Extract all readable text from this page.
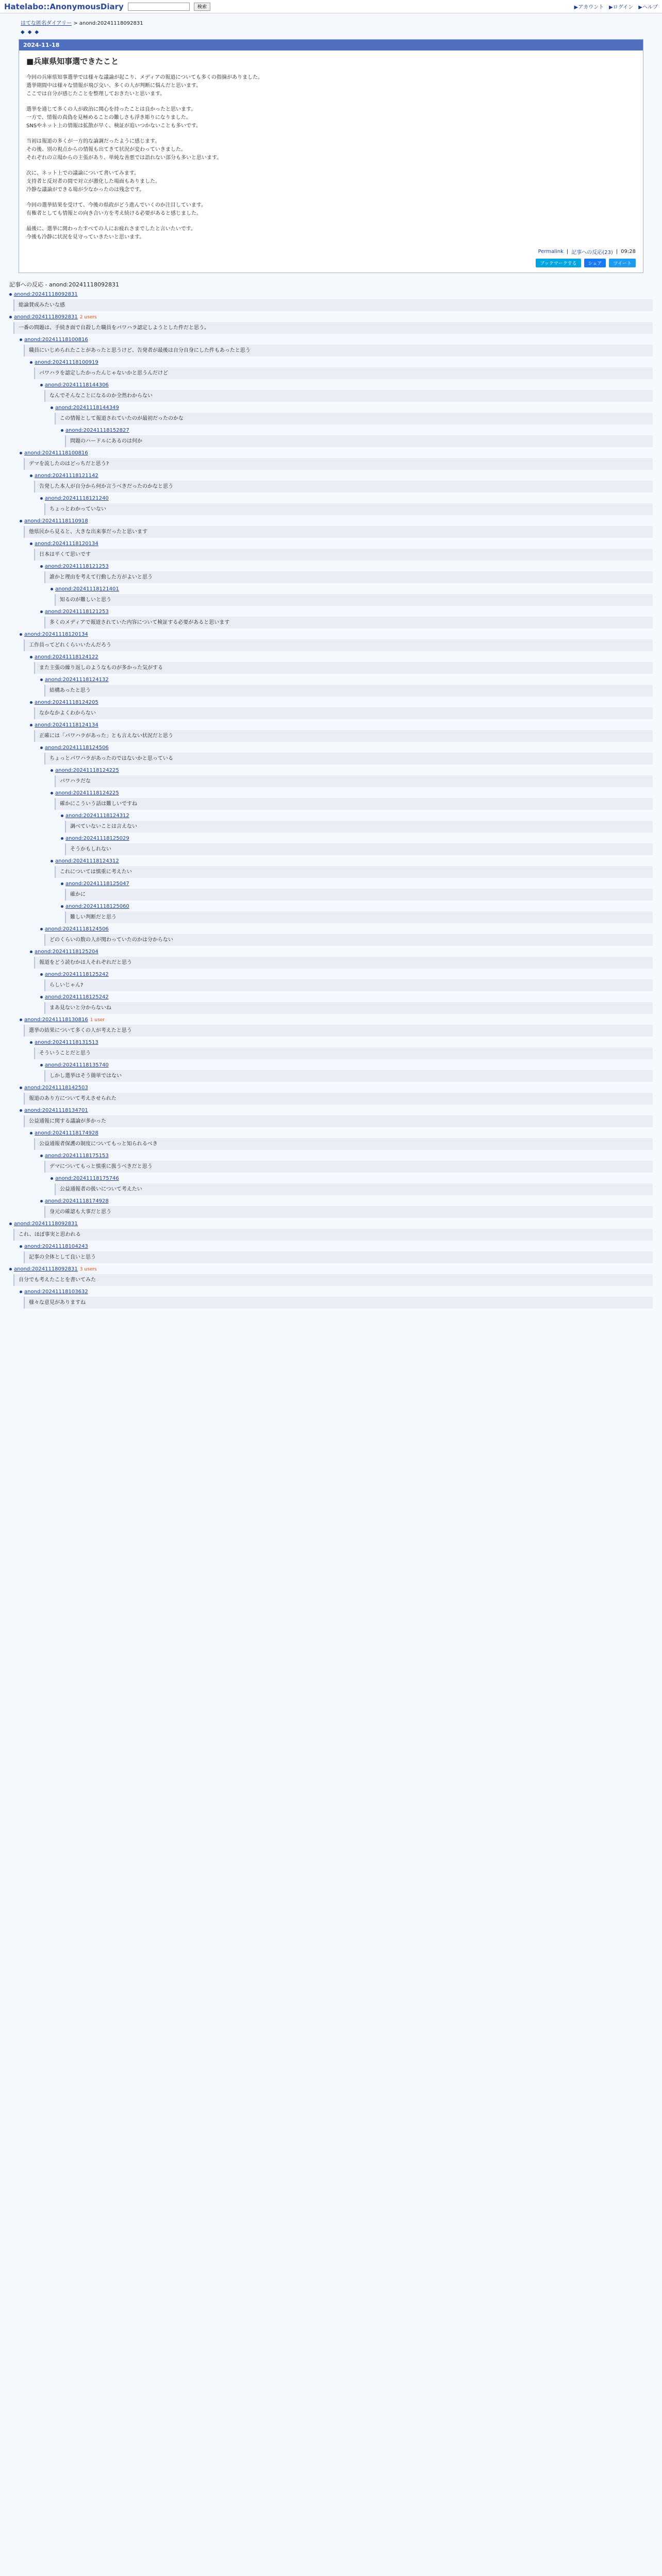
Hatelabo::AnonymousDiary	検索	▶アカウント ▶ログイン ▶ヘルプ
はてな匿名ダイアリー > anond:20241118092831
◆ ◆ ◆
2024-11-18
■兵庫県知事選できたこと

今回の兵庫県知事選挙では様々な議論が起こり、メディアの報道についても多くの指摘がありました。

選挙期間中は様々な情報が飛び交い、多くの人が判断に悩んだと思います。

ここでは自分が感じたことを整理しておきたいと思います。

選挙を通じて多くの人が政治に関心を持ったことは良かったと思います。

一方で、情報の真偽を見極めることの難しさも浮き彫りになりました。

SNSやネット上の情報は拡散が早く、検証が追いつかないことも多いです。

当初は報道の多くが一方的な論調だったように感じます。

その後、別の視点からの情報も出てきて状況が変わっていきました。

それぞれの立場からの主張があり、単純な善悪では語れない部分も多いと思います。

次に、ネット上での議論について書いてみます。

支持者と反対者の間で対立が激化した場面もありました。

冷静な議論ができる場が少なかったのは残念です。

今回の選挙結果を受けて、今後の県政がどう進んでいくのか注目しています。

有権者としても情報との向き合い方を考え続ける必要があると感じました。

最後に、選挙に関わったすべての人にお疲れさまでしたと言いたいです。

今後も冷静に状況を見守っていきたいと思います。

Permalink | 記事への反応(23) | 09:28
ブックマークする	シェア	ツイート
記事への反応 - anond:20241118092831
anond:20241118092831
総論賛成みたいな感
anond:20241118092831 2 users
一番の問題は、手続き面で自殺した職員をパワハラ認定しようとした件だと思う。
anond:20241118100816
職員にいじめられたことがあったと思うけど、告発者が最後は自分自身にした件もあったと思う
anond:20241118100919
パワハラを認定したかったんじゃないかと思うんだけど
anond:20241118144306
なんでそんなことになるのか全然わからない
anond:20241118144349
この情報として報道されていたのが最初だったのかな
anond:20241118152827
問題のハードルにあるのは何か
anond:20241118100816
デマを流したのはどっちだと思う?
anond:20241118121142
告発した本人が自分から何か言うべきだったのかなと思う
anond:20241118121240
ちょっとわかっていない
anond:20241118110918
他県民から見ると、大きな出来事だったと思います
anond:20241118120134
日本は平くて思いです
anond:20241118121253
誰かと理由を考えて行動した方がよいと思う
anond:20241118121401
知るのが難しいと思う
anond:20241118121253
多くのメディアで報道されていた内容について検証する必要があると思います
anond:20241118120134
工作員ってどれくらいいたんだろう
anond:20241118124122
また主張の繰り返しのようなものが多かった気がする
anond:20241118124132
結構あったと思う
anond:20241118124205
なかなかよくわからない
anond:20241118124134
正確には「パワハラがあった」とも言えない状況だと思う
anond:20241118124506
ちょっとパワハラがあったのではないかと思っている
anond:20241118124225
パワハラだな
anond:20241118124225
確かにこういう話は難しいですね
anond:20241118124312
調べていないことは言えない
anond:20241118125029
そうかもしれない
anond:20241118124312
これについては慎重に考えたい
anond:20241118125047
確かに
anond:20241118125060
難しい判断だと思う
anond:20241118124506
どのくらいの数の人が関わっていたのかは分からない
anond:20241118125204
報道をどう読むかは人それぞれだと思う
anond:20241118125242
らしいじゃん?
anond:20241118125242
まあ見ないと分からないね
anond:20241118130816 1 user
選挙の結果について多くの人が考えたと思う
anond:20241118131513
そういうことだと思う
anond:20241118135740
しかし選挙はそう簡単ではない
anond:20241118142503
報道のあり方について考えさせられた
anond:20241118134701
公益通報に関する議論が多かった
anond:20241118174928
公益通報者保護の制度についてもっと知られるべき
anond:20241118175153
デマについてもっと慎重に扱うべきだと思う
anond:20241118175746
公益通報者の扱いについて考えたい
anond:20241118174928
身元の確認も大事だと思う
anond:20241118092831
これ、ほぼ事実と思われる
anond:20241118104243
記事の全体として良いと思う
anond:20241118092831 3 users
自分でも考えたことを書いてみた
anond:20241118103632
様々な意見がありますね
